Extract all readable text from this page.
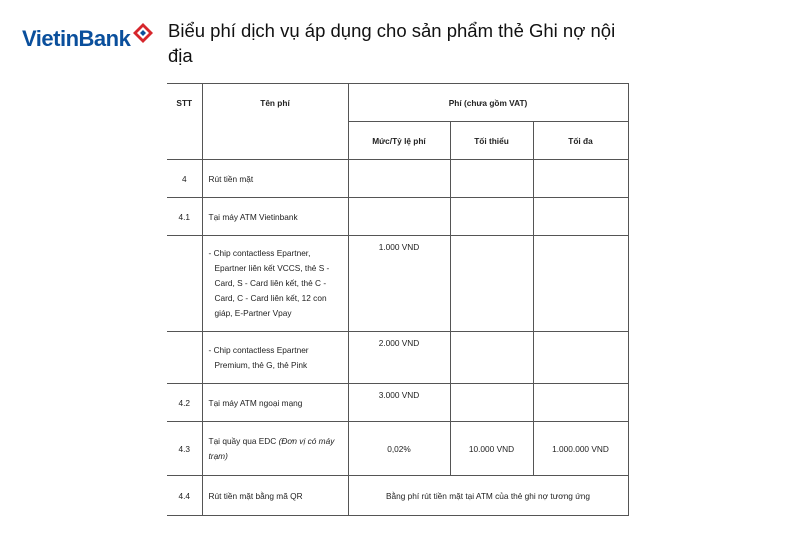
VietinBank Biểu phí dịch vụ áp dụng cho sản phẩm thẻ Ghi nợ nội địa
STT	Tên phí	Phí (chưa gồm VAT)		
		Mức/Tỷ lệ phí	Tối thiểu	Tối đa
4	Rút tiền mặt			
4.1	Tại máy ATM Vietinbank			

	- Chip contactless Epartner,
Epartner liên kết VCCS, thẻ S -
Card, S - Card liên kết, thẻ C -
Card, C - Card liên kết, 12 con
giáp, E-Partner Vpay	1.000 VND		

	- Chip contactless Epartner
Premium, thẻ G, thẻ Pink	2.000 VND		
4.2	Tại máy ATM ngoại mạng	3.000 VND		
4.3	Tại quầy qua EDC (Đơn vị có máy trạm)	0,02%	10.000 VND	1.000.000 VND
4.4	Rút tiền mặt bằng mã QR	Bằng phí rút tiền mặt tại ATM của thẻ ghi nợ tương ứng		
